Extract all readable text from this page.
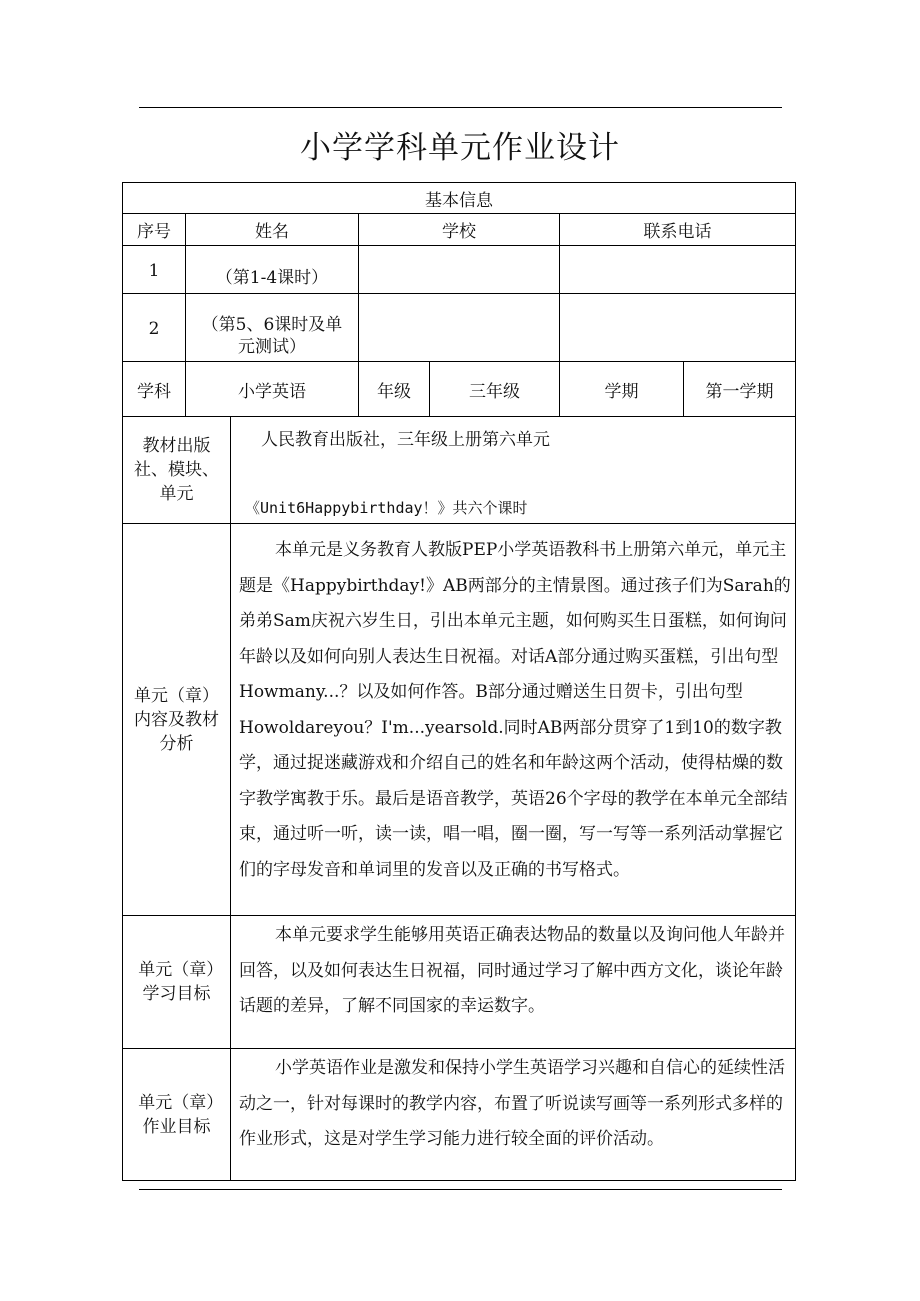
小学学科单元作业设计
基本信息						
序号	姓名		学校		联系电话	
1	（第1-4课时）					
2	（第5、6课时及单元测试）					
学科	小学英语		年级	三年级	学期	第一学期
教材出版社、模块、单元		人民教育出版社，三年级上册第六单元
《Unit6Happybirthday！》共六个课时				

单元（章）内容及教材分析		本单元是义务教育人教版PEP小学英语教科书上册第六单元，单元主题是《Happybirthday!》AB两部分的主情景图。通过孩子们为Sarah的弟弟Sam庆祝六岁生日，引出本单元主题，如何购买生日蛋糕，如何询问年龄以及如何向别人表达生日祝福。对话A部分通过购买蛋糕，引出句型Howmany...？以及如何作答。B部分通过赠送生日贺卡，引出句型Howoldareyou？I'm...yearsold.同时AB两部分贯穿了1到10的数字教学，通过捉迷藏游戏和介绍自己的姓名和年龄这两个活动，使得枯燥的数字教学寓教于乐。最后是语音教学，英语26个字母的教学在本单元全部结束，通过听一听，读一读，唱一唱，圈一圈，写一写等一系列活动掌握它们的字母发音和单词里的发音以及正确的书写格式。				

单元（章）学习目标		本单元要求学生能够用英语正确表达物品的数量以及询问他人年龄并回答，以及如何表达生日祝福，同时通过学习了解中西方文化，谈论年龄话题的差异，了解不同国家的幸运数字。				

单元（章）作业目标		小学英语作业是激发和保持小学生英语学习兴趣和自信心的延续性活动之一，针对每课时的教学内容，布置了听说读写画等一系列形式多样的作业形式，这是对学生学习能力进行较全面的评价活动。				
